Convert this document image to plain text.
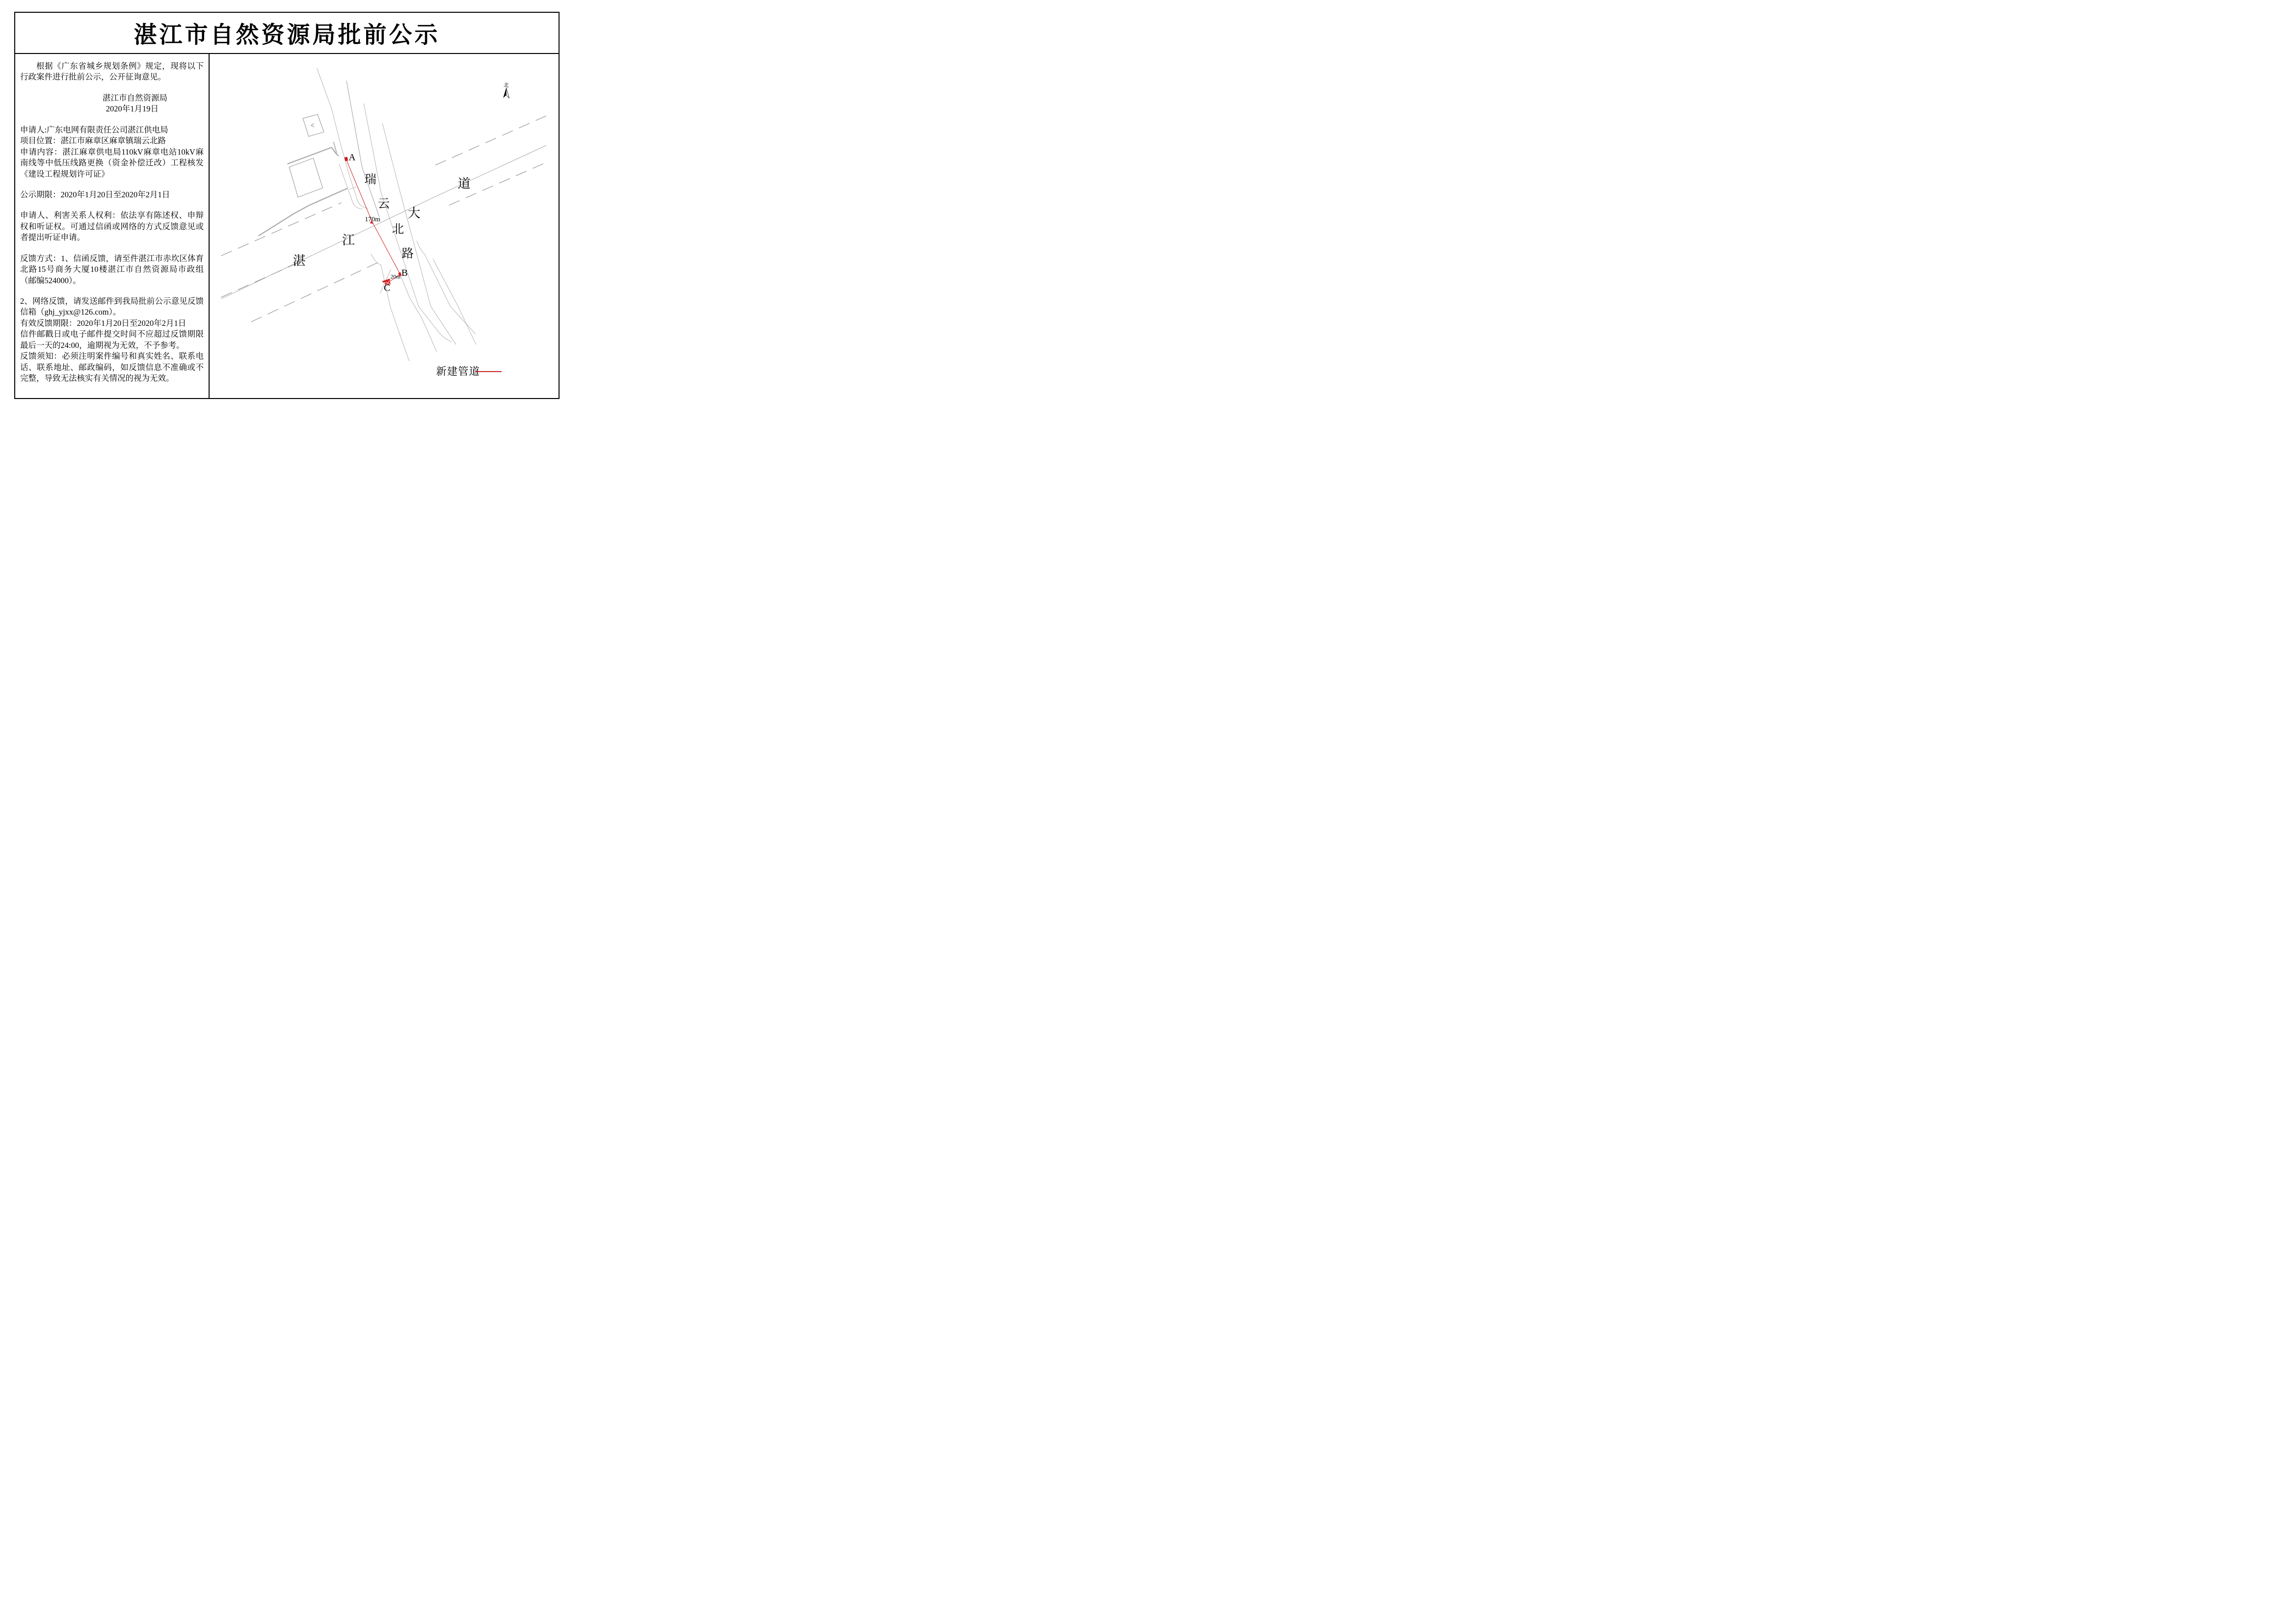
湛江市自然资源局批前公示
根据《广东省城乡规划条例》规定，现将以下行政案件进行批前公示，公开征询意见。
湛江市自然资源局
2020年1月19日
申请人:广东电网有限责任公司湛江供电局
项目位置：湛江市麻章区麻章镇瑞云北路
申请内容：湛江麻章供电局110kV麻章电站10kV麻南线等中低压线路更换（资金补偿迁改）工程核发《建设工程规划许可证》
公示期限：2020年1月20日至2020年2月1日
申请人、利害关系人权利：依法享有陈述权、申辩权和听证权。可通过信函或网络的方式反馈意见或者提出听证申请。
反馈方式：1、信函反馈，请至件湛江市赤坎区体育北路15号商务大厦10楼湛江市自然资源局市政组（邮编524000）。
2、网络反馈，请发送邮件到我局批前公示意见反馈信箱（ghj_yjxx@126.com）。
有效反馈期限：2020年1月20日至2020年2月1日
信件邮戳日或电子邮件提交时间不应超过反馈期限最后一天的24:00，逾期视为无效，不予参考。
反馈须知：必须注明案件编号和真实姓名、联系电话、联系地址、邮政编码，如反馈信息不准确或不完整，导致无法核实有关情况的视为无效。
瑞
云
北
路
湛
江
大
道
A
B
C
170m
20m
北
新建管道
